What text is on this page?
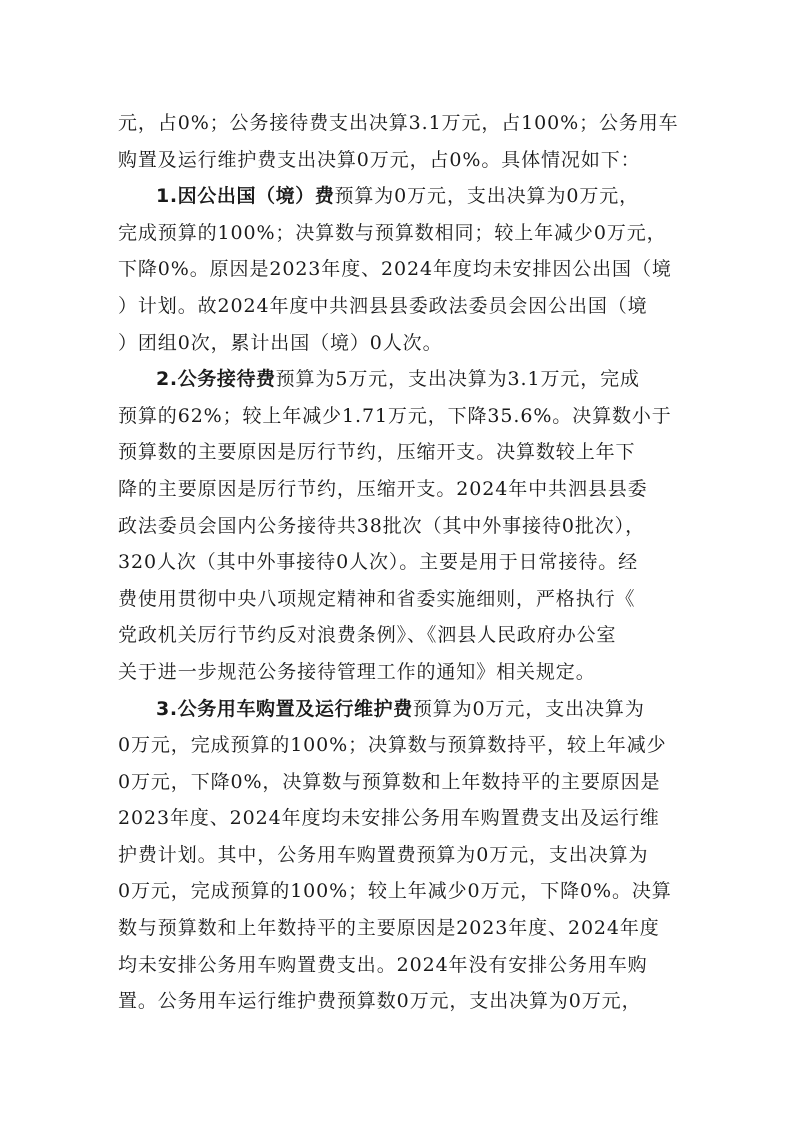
元，占0%；公务接待费支出决算3.1万元，占100%；公务用车
购置及运行维护费支出决算0万元，占0%。具体情况如下：
1.因公出国（境）费预算为0万元，支出决算为0万元，
完成预算的100%；决算数与预算数相同；较上年减少0万元，
下降0%。原因是2023年度、2024年度均未安排因公出国（境
）计划。故2024年度中共泗县县委政法委员会因公出国（境
）团组0次，累计出国（境）0人次。
2.公务接待费预算为5万元，支出决算为3.1万元，完成
预算的62%；较上年减少1.71万元，下降35.6%。决算数小于
预算数的主要原因是厉行节约，压缩开支。决算数较上年下
降的主要原因是厉行节约，压缩开支。2024年中共泗县县委
政法委员会国内公务接待共38批次（其中外事接待0批次），
320人次（其中外事接待0人次）。主要是用于日常接待。经
费使用贯彻中央八项规定精神和省委实施细则，严格执行《
党政机关厉行节约反对浪费条例》、《泗县人民政府办公室
关于进一步规范公务接待管理工作的通知》相关规定。
3.公务用车购置及运行维护费预算为0万元，支出决算为
0万元，完成预算的100%；决算数与预算数持平，较上年减少
0万元，下降0%，决算数与预算数和上年数持平的主要原因是
2023年度、2024年度均未安排公务用车购置费支出及运行维
护费计划。其中，公务用车购置费预算为0万元，支出决算为
0万元，完成预算的100%；较上年减少0万元，下降0%。决算
数与预算数和上年数持平的主要原因是2023年度、2024年度
均未安排公务用车购置费支出。2024年没有安排公务用车购
置。公务用车运行维护费预算数0万元，支出决算为0万元，
